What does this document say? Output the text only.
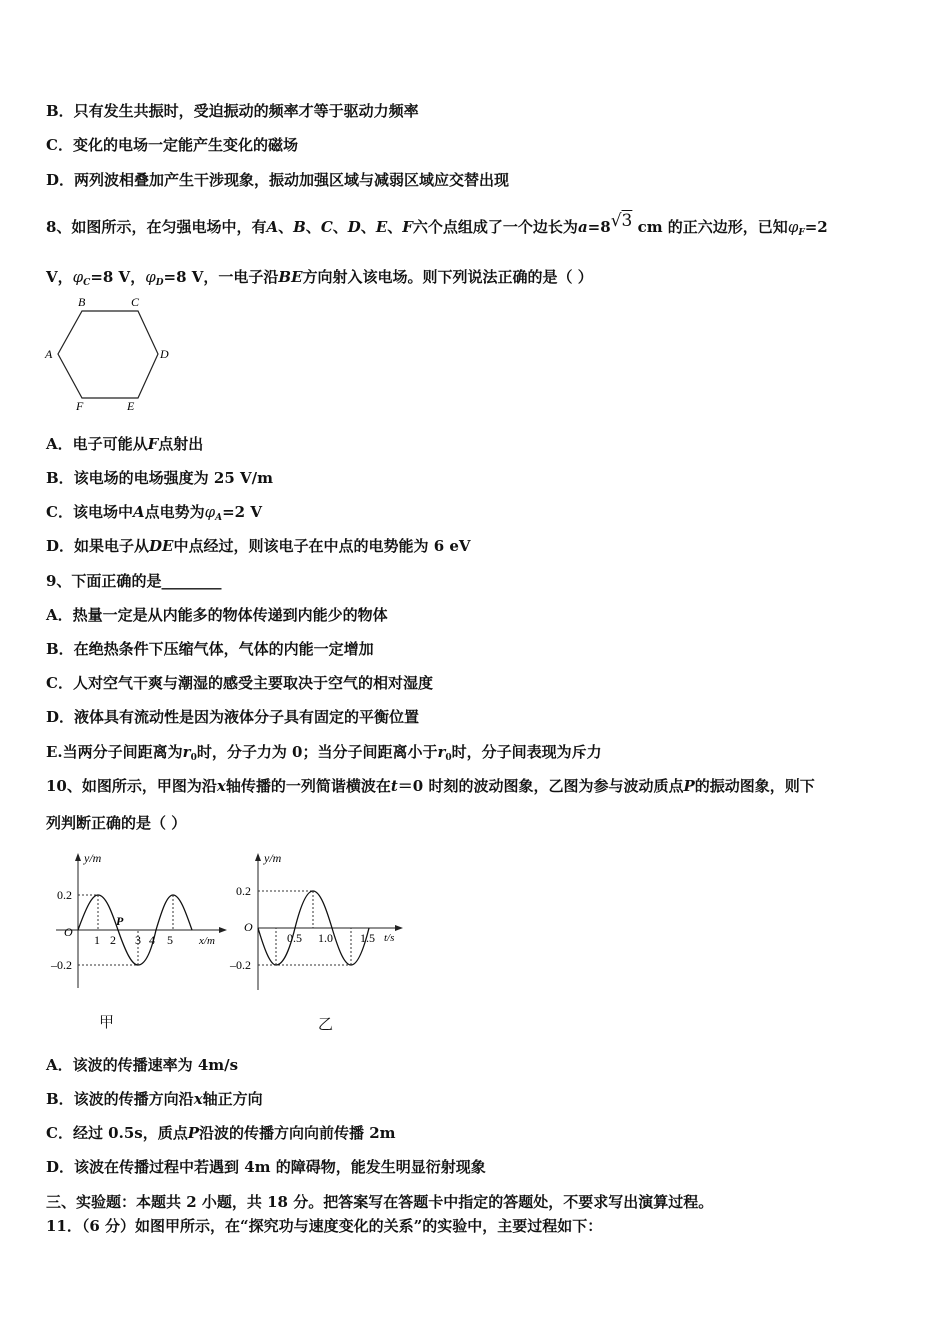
B．只有发生共振时，受迫振动的频率才等于驱动力频率
C．变化的电场一定能产生变化的磁场
D．两列波相叠加产生干涉现象，振动加强区域与减弱区域应交替出现
8、如图所示，在匀强电场中，有A、B、C、D、E、F六个点组成了一个边长为a=8√3 cm 的正六边形，已知$\varphi_F=2$
V，$\varphi_C=8$ V，$\varphi_D=8$ V，一电子沿BE方向射入该电场。则下列说法正确的是（ ）
B	C
A	D
F	E
A．电子可能从F点射出
B．该电场的电场强度为 25 V/m
C．该电场中A点电势为$\varphi_A=2$ V
D．如果电子从DE中点经过，则该电子在中点的电势能为 6 eV
9、下面正确的是________
A．热量一定是从内能多的物体传递到内能少的物体
B．在绝热条件下压缩气体，气体的内能一定增加
C．人对空气干爽与潮湿的感受主要取决于空气的相对湿度
D．液体具有流动性是因为液体分子具有固定的平衡位置
E.当两分子间距离为$r_0$时，分子力为 0；当分子间距离小于$r_0$时，分子间表现为斥力
10、如图所示，甲图为沿x轴传播的一列简谐横波在t＝0 时刻的波动图象，乙图为参与波动质点P的振动图象，则下
列判断正确的是（ ）
y/m
x/m
O
0.2
–0.2
1 2 3 4 5
P
甲
y/m
t/s
O
0.2
–0.2
0.5 1.0 1.5
乙
A．该波的传播速率为 4m/s
B．该波的传播方向沿x轴正方向
C．经过 0.5s，质点P沿波的传播方向向前传播 2m
D．该波在传播过程中若遇到 4m 的障碍物，能发生明显衍射现象
三、实验题：本题共 2 小题，共 18 分。把答案写在答题卡中指定的答题处，不要求写出演算过程。
11．（6 分）如图甲所示，在“探究功与速度变化的关系”的实验中，主要过程如下：
